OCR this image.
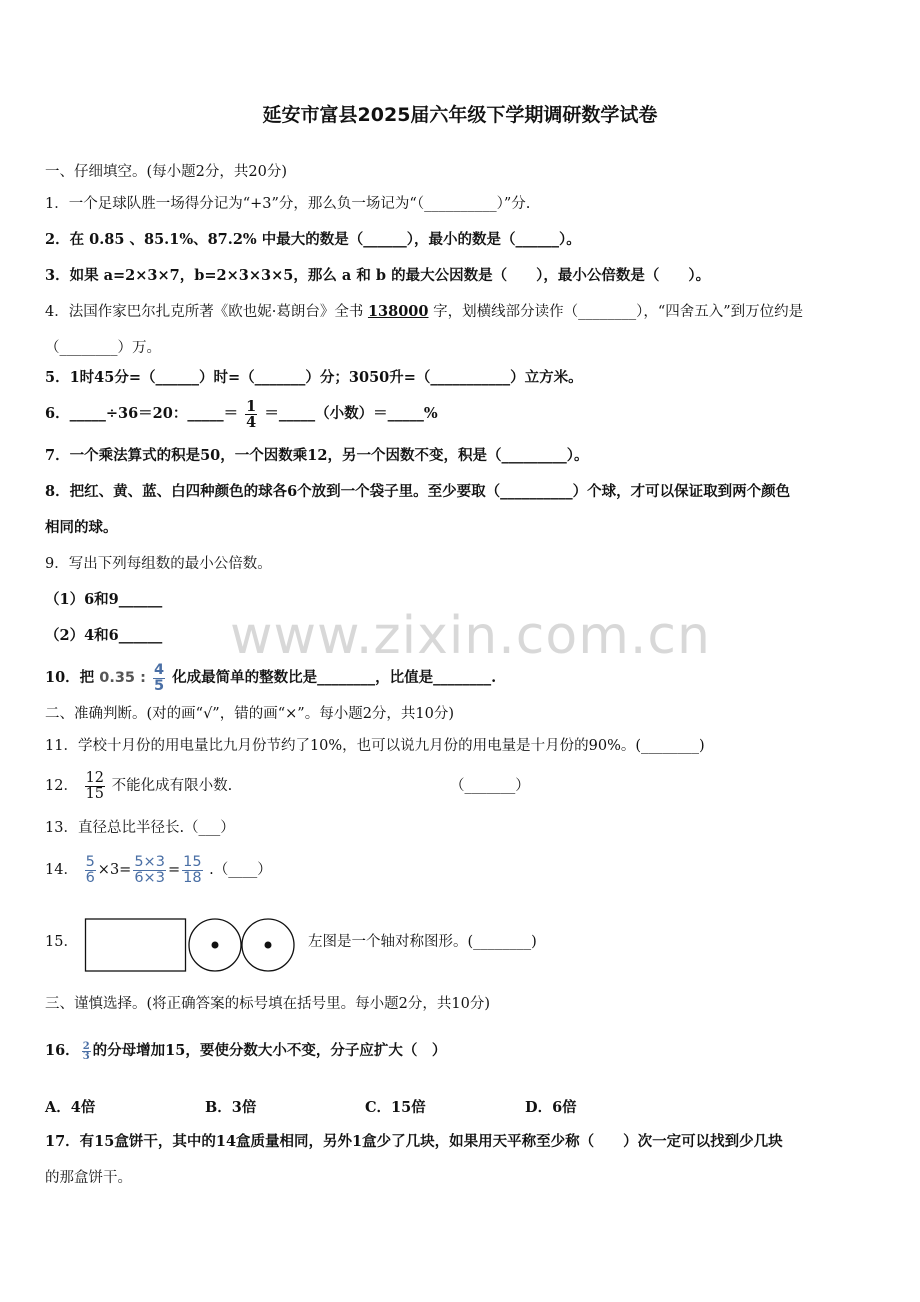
延安市富县2025届六年级下学期调研数学试卷
www.zixin.com.cn
一、仔细填空。(每小题2分，共20分)
1．一个足球队胜一场得分记为“+3”分，那么负一场记为“（__________）”分.
2．在 0.85 、85.1%、87.2% 中最大的数是（______），最小的数是（______）。
3．如果 a=2×3×7，b=2×3×3×5，那么 a 和 b 的最大公因数是（　　），最小公倍数是（　　）。
4．法国作家巴尔扎克所著《欧也妮·葛朗台》全书 138000 字，划横线部分读作（________），“四舍五入”到万位约是
（________）万。
5．1时45分=（______）时=（_______）分；3050升=（___________）立方米。
6．_____÷36＝20：_____＝ $\frac{1}{4}$ ＝_____（小数）＝_____%
7．一个乘法算式的积是50，一个因数乘12，另一个因数不变，积是（_________）。
8．把红、黄、蓝、白四种颜色的球各6个放到一个袋子里。至少要取（__________）个球，才可以保证取到两个颜色
相同的球。
9．写出下列每组数的最小公倍数。
（1）6和9______
（2）4和6______
10．把 0.35 : $\frac{4}{5}$ 化成最简单的整数比是________，比值是________.
二、准确判断。(对的画“√”，错的画“×”。每小题2分，共10分)
11．学校十月份的用电量比九月份节约了10%，也可以说九月份的用电量是十月份的90%。(________)
12． $\frac{12}{15}$ 不能化成有限小数.	（_______）
13．直径总比半径长.（___）
14． $\frac{5}{6} \times 3= \frac{5\times 3}{6\times 3} = \frac{15}{18}$ .（____）
15．	左图是一个轴对称图形。(________)
三、谨慎选择。(将正确答案的标号填在括号里。每小题2分，共10分)
16． $\frac{2}{3}$ 的分母增加15，要使分数大小不变，分子应扩大（　）
A．4倍	B．3倍	C．15倍	D．6倍
17．有15盒饼干，其中的14盒质量相同，另外1盒少了几块，如果用天平称至少称（　　）次一定可以找到少几块
的那盒饼干。
